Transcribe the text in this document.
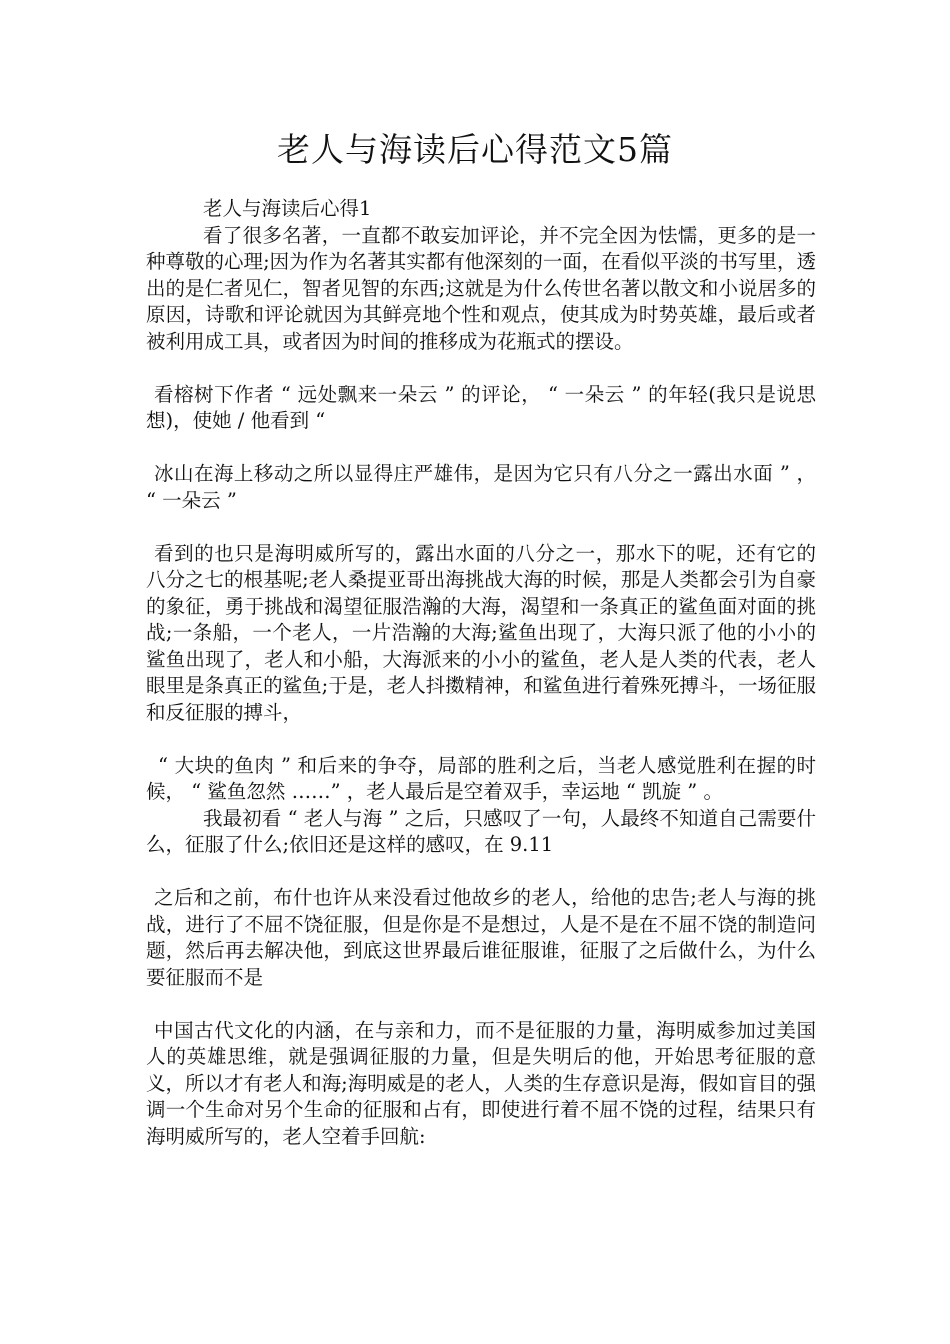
老人与海读后心得范文5篇

老人与海读后心得1

看了很多名著，一直都不敢妄加评论，并不完全因为怯懦，更多的是一种尊敬的心理;因为作为名著其实都有他深刻的一面，在看似平淡的书写里，透出的是仁者见仁，智者见智的东西;这就是为什么传世名著以散文和小说居多的原因，诗歌和评论就因为其鲜亮地个性和观点，使其成为时势英雄，最后或者被利用成工具，或者因为时间的推移成为花瓶式的摆设。

看榕树下作者 “ 远处飘来一朵云 ” 的评论， “ 一朵云 ” 的年轻(我只是说思想)，使她 / 他看到 “

冰山在海上移动之所以显得庄严雄伟，是因为它只有八分之一露出水面 ” ， “ 一朵云 ”

看到的也只是海明威所写的，露出水面的八分之一，那水下的呢，还有它的八分之七的根基呢;老人桑提亚哥出海挑战大海的时候，那是人类都会引为自豪的象征，勇于挑战和渴望征服浩瀚的大海，渴望和一条真正的鲨鱼面对面的挑战;一条船，一个老人，一片浩瀚的大海;鲨鱼出现了，大海只派了他的小小的鲨鱼出现了，老人和小船，大海派来的小小的鲨鱼，老人是人类的代表，老人眼里是条真正的鲨鱼;于是，老人抖擞精神，和鲨鱼进行着殊死搏斗，一场征服和反征服的搏斗，

“ 大块的鱼肉 ” 和后来的争夺，局部的胜利之后，当老人感觉胜利在握的时候， “ 鲨鱼忽然 ……” ，老人最后是空着双手，幸运地 “ 凯旋 ” 。

我最初看 “ 老人与海 ” 之后，只感叹了一句，人最终不知道自己需要什么，征服了什么;依旧还是这样的感叹，在 9.11

之后和之前，布什也许从来没看过他故乡的老人，给他的忠告;老人与海的挑战，进行了不屈不饶征服，但是你是不是想过，人是不是在不屈不饶的制造问题，然后再去解决他，到底这世界最后谁征服谁，征服了之后做什么，为什么要征服而不是

中国古代文化的内涵，在与亲和力，而不是征服的力量，海明威参加过美国人的英雄思维，就是强调征服的力量，但是失明后的他，开始思考征服的意义，所以才有老人和海;海明威是的老人，人类的生存意识是海，假如盲目的强调一个生命对另个生命的征服和占有，即使进行着不屈不饶的过程，结果只有海明威所写的，老人空着手回航:
